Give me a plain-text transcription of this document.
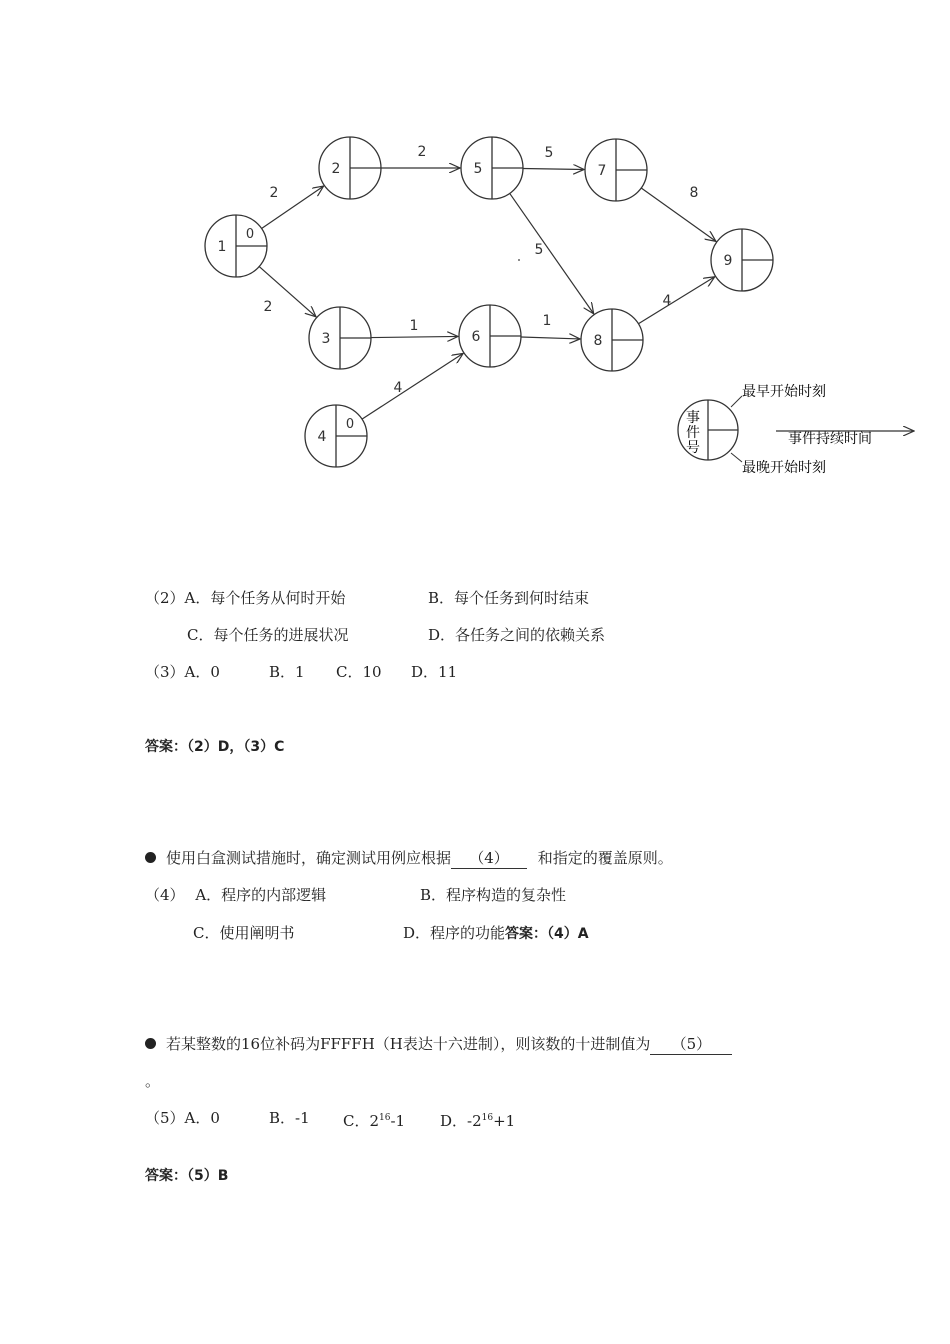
2
2
2	5
5
8
1	1
4
4
1
0
2
3
4
0
5
6
7
8
9
事
件
号
最早开始时刻
最晚开始时刻
事件持续时间
（2）A．每个任务从何时开始	B．每个任务到何时结束
C．每个任务的进展状况	D．各任务之间的依赖关系
（3）A．0	B．1 C．10 D．11
答案：（2）D，（3）C
使用白盒测试措施时，确定测试用例应根据 （4） 和指定的覆盖原则。
（4） A．程序的内部逻辑	B．程序构造的复杂性
C．使用阐明书	D．程序的功能答案：（4）A
若某整数的16位补码为FFFFH（H表达十六进制），则该数的十进制值为 （5）
。
（5）A．0	B．-1 C．$2^{16}-1$ D．$-2^{16}+1$
答案：（5）B
